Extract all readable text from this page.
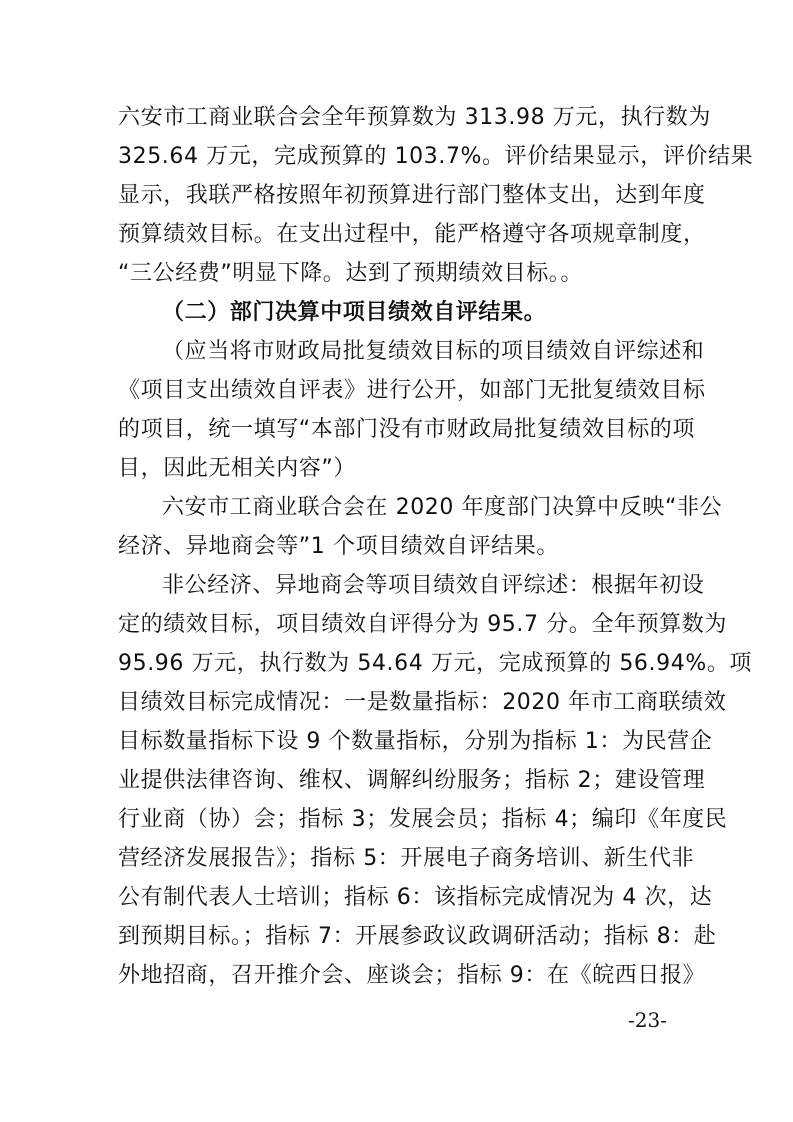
六安市工商业联合会全年预算数为 313.98 万元，执行数为
325.64 万元，完成预算的 103.7%。评价结果显示，评价结果
显示，我联严格按照年初预算进行部门整体支出，达到年度
预算绩效目标。在支出过程中，能严格遵守各项规章制度，
“三公经费”明显下降。达到了预期绩效目标。。
（二）部门决算中项目绩效自评结果。
（应当将市财政局批复绩效目标的项目绩效自评综述和
《项目支出绩效自评表》进行公开，如部门无批复绩效目标
的项目，统一填写“本部门没有市财政局批复绩效目标的项
目，因此无相关内容”）
六安市工商业联合会在 2020 年度部门决算中反映“非公
经济、异地商会等”1 个项目绩效自评结果。
非公经济、异地商会等项目绩效自评综述：根据年初设
定的绩效目标，项目绩效自评得分为 95.7 分。全年预算数为
95.96 万元，执行数为 54.64 万元，完成预算的 56.94%。项
目绩效目标完成情况：一是数量指标：2020 年市工商联绩效
目标数量指标下设 9 个数量指标，分别为指标 1：为民营企
业提供法律咨询、维权、调解纠纷服务；指标 2；建设管理
行业商（协）会；指标 3；发展会员；指标 4；编印《年度民
营经济发展报告》；指标 5：开展电子商务培训、新生代非
公有制代表人士培训；指标 6：该指标完成情况为 4 次，达
到预期目标。；指标 7：开展参政议政调研活动；指标 8：赴
外地招商，召开推介会、座谈会；指标 9：在《皖西日报》
-23-
